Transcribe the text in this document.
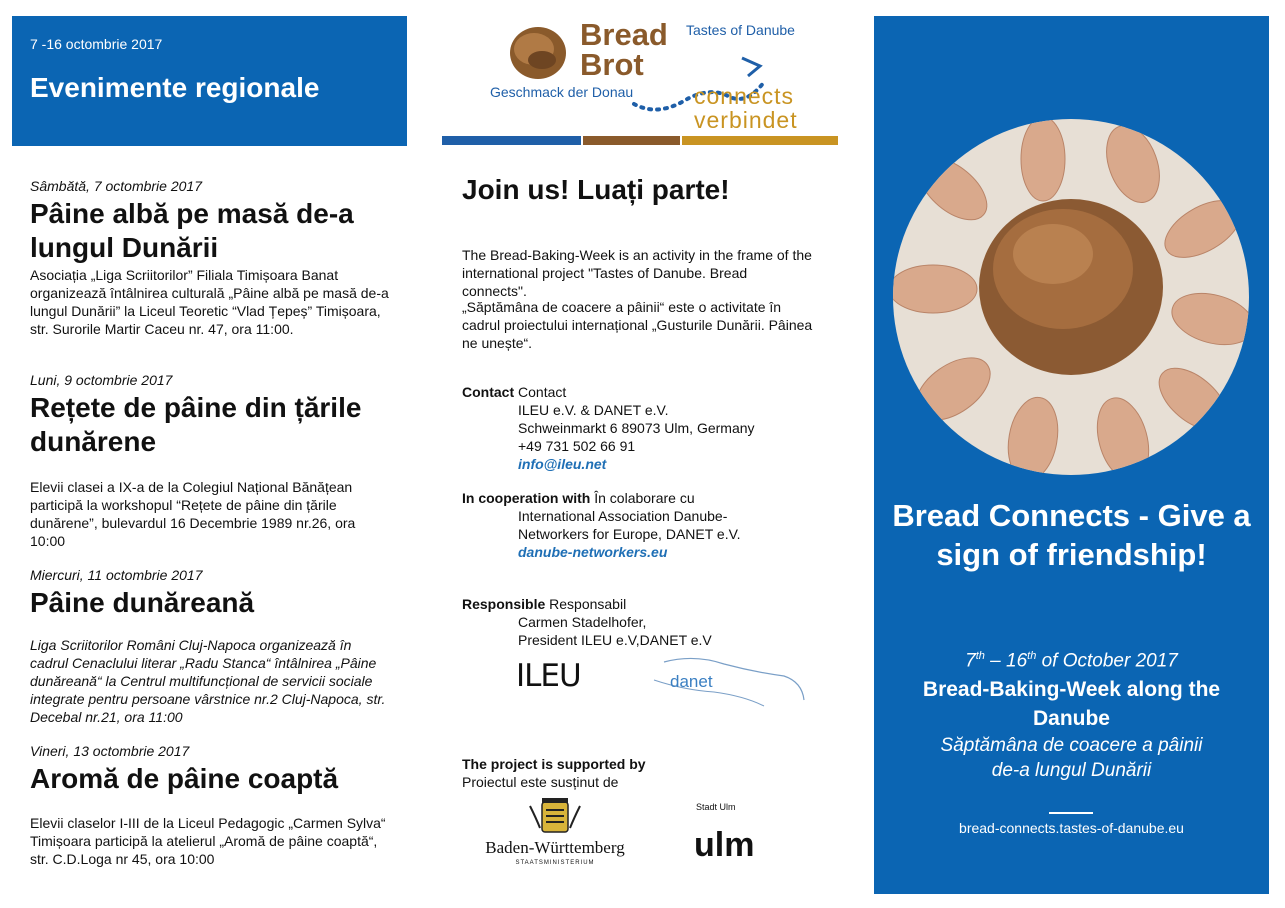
7 -16 octombrie 2017
Evenimente regionale
Sâmbătă, 7 octombrie 2017
Pâine albă pe masă de-a lungul Dunării
Asociația „Liga Scriitorilor” Filiala Timișoara Banat organizează întâlnirea culturală „Pâine albă pe masă de-a lungul Dunării” la Liceul Teoretic “Vlad Țepeș” Timișoara, str. Surorile Martir Caceu nr. 47, ora 11:00.
Luni, 9 octombrie 2017
Rețete de pâine din țările dunărene
Elevii clasei a IX-a de la Colegiul Național Bănățean participă la workshopul “Rețete de pâine din țările dunărene”, bulevardul 16 Decembrie 1989 nr.26, ora 10:00
Miercuri, 11 octombrie 2017
Pâine dunăreană
Liga Scriitorilor Români Cluj-Napoca organizează în cadrul Cenaclului literar „Radu Stanca“ întâlnirea „Pâine dunăreană“ la Centrul multifuncțional de servicii sociale integrate pentru persoane vârstnice nr.2 Cluj-Napoca, str. Decebal nr.21, ora 11:00
Vineri, 13 octombrie 2017
Aromă de pâine coaptă
Elevii claselor I-III de la Liceul Pedagogic „Carmen Sylva“ Timișoara participă la atelierul „Aromă de pâine coaptă“, str. C.D.Loga nr 45, ora 10:00
Bread
Brot
Tastes of Danube
Geschmack der Donau	connects
verbindet
Join us! Luați parte!
The Bread-Baking-Week is an activity in the frame of the international project "Tastes of Danube. Bread connects".
„Săptămâna de coacere a pâinii“ este o activitate în cadrul proiectului internațional „Gusturile Dunării. Pâinea ne unește“.
Contact Contact
ILEU e.V. & DANET e.V.
Schweinmarkt 6 89073 Ulm, Germany
+49 731 502 66 91
info@ileu.net
In cooperation with În colaborare cu
International Association Danube-Networkers for Europe, DANET e.V.
danube-networkers.eu
Responsible Responsabil
Carmen Stadelhofer,
President ILEU e.V,DANET e.V
ILEU	danet
The project is supported by
Proiectul este susținut de
Baden-Württemberg
STAATSMINISTERIUM
Stadt Ulm
ulm
Bread Connects - Give a sign of friendship!
7th – 16th of October 2017
Bread-Baking-Week along the Danube
Săptămâna de coacere a pâinii de-a lungul Dunării
bread-connects.tastes-of-danube.eu
